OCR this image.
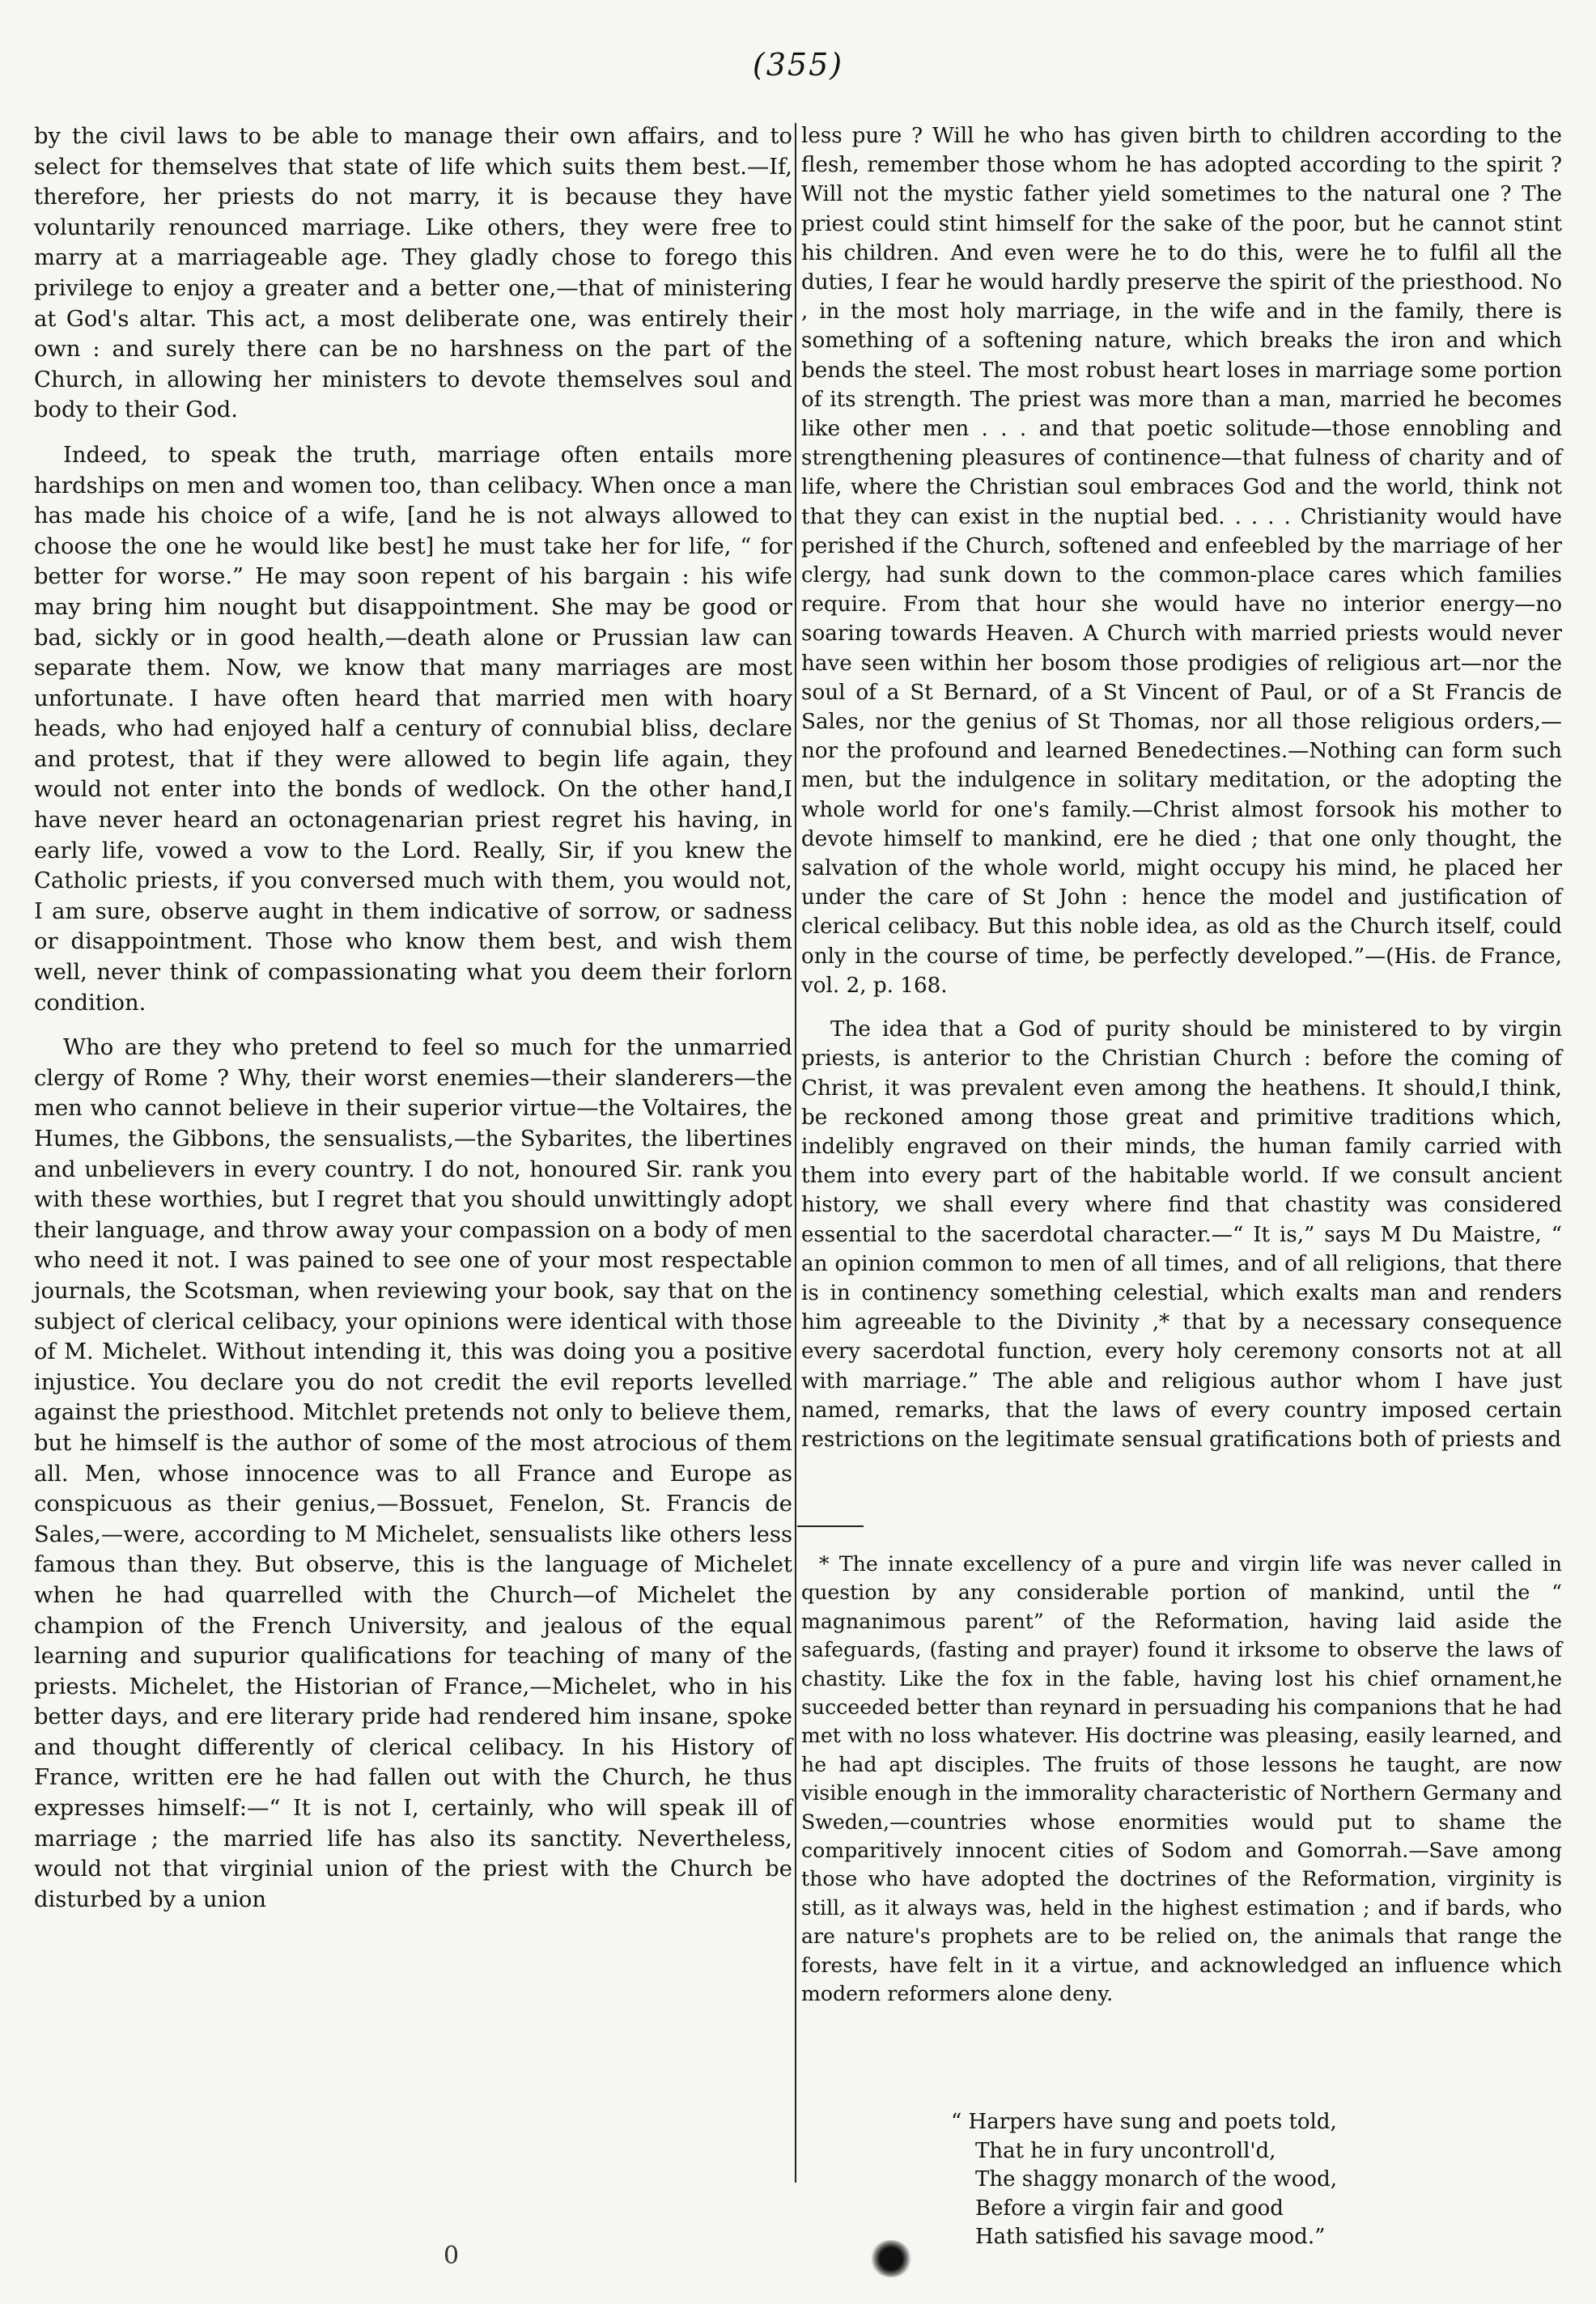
(355)

by the civil laws to be able to manage their own affairs, and to select for themselves that state of life which suits them best.—If, therefore, her priests do not marry, it is because they have voluntarily renounced marriage. Like others, they were free to marry at a marriageable age. They gladly chose to forego this privilege to enjoy a greater and a better one,—that of ministering at God's altar. This act, a most deliberate one, was entirely their own : and surely there can be no harshness on the part of the Church, in allowing her ministers to devote themselves soul and body to their God.

Indeed, to speak the truth, marriage often entails more hardships on men and women too, than celibacy. When once a man has made his choice of a wife, [and he is not always allowed to choose the one he would like best] he must take her for life, “ for better for worse.” He may soon repent of his bargain : his wife may bring him nought but disappointment. She may be good or bad, sickly or in good health,—death alone or Prussian law can separate them. Now, we know that many marriages are most unfortunate. I have often heard that married men with hoary heads, who had enjoyed half a century of connubial bliss, declare and protest, that if they were allowed to begin life again, they would not enter into the bonds of wedlock. On the other hand,I have never heard an octonagenarian priest regret his having, in early life, vowed a vow to the Lord. Really, Sir, if you knew the Catholic priests, if you conversed much with them, you would not, I am sure, observe aught in them indicative of sorrow, or sadness or disappointment. Those who know them best, and wish them well, never think of compassionating what you deem their forlorn condition.

Who are they who pretend to feel so much for the unmarried clergy of Rome ? Why, their worst enemies—their slanderers—the men who cannot believe in their superior virtue—the Voltaires, the Humes, the Gibbons, the sensualists,—the Sybarites, the libertines and unbelievers in every country. I do not, honoured Sir. rank you with these worthies, but I regret that you should unwittingly adopt their language, and throw away your compassion on a body of men who need it not. I was pained to see one of your most respectable journals, the Scotsman, when reviewing your book, say that on the subject of clerical celibacy, your opinions were identical with those of M. Michelet. Without intending it, this was doing you a positive injustice. You declare you do not credit the evil reports levelled against the priesthood. Mitchlet pretends not only to believe them, but he himself is the author of some of the most atrocious of them all. Men, whose innocence was to all France and Europe as conspicuous as their genius,—Bossuet, Fenelon, St. Francis de Sales,—were, according to M Michelet, sensualists like others less famous than they. But observe, this is the language of Michelet when he had quarrelled with the Church—of Michelet the champion of the French University, and jealous of the equal learning and supurior qualifications for teaching of many of the priests. Michelet, the Historian of France,—Michelet, who in his better days, and ere literary pride had rendered him insane, spoke and thought differently of clerical celibacy. In his History of France, written ere he had fallen out with the Church, he thus expresses himself:—“ It is not I, certainly, who will speak ill of marriage ; the married life has also its sanctity. Nevertheless, would not that virginial union of the priest with the Church be disturbed by a union

less pure ? Will he who has given birth to children according to the flesh, remember those whom he has adopted according to the spirit ? Will not the mystic father yield sometimes to the natural one ? The priest could stint himself for the sake of the poor, but he cannot stint his children. And even were he to do this, were he to fulfil all the duties, I fear he would hardly preserve the spirit of the priesthood. No , in the most holy marriage, in the wife and in the family, there is something of a softening nature, which breaks the iron and which bends the steel. The most robust heart loses in marriage some portion of its strength. The priest was more than a man, married he becomes like other men . . . and that poetic solitude—those ennobling and strengthening pleasures of continence—that fulness of charity and of life, where the Christian soul embraces God and the world, think not that they can exist in the nuptial bed. . . . . Christianity would have perished if the Church, softened and enfeebled by the marriage of her clergy, had sunk down to the common-place cares which families require. From that hour she would have no interior energy—no soaring towards Heaven. A Church with married priests would never have seen within her bosom those prodigies of religious art—nor the soul of a St Bernard, of a St Vincent of Paul, or of a St Francis de Sales, nor the genius of St Thomas, nor all those religious orders,—nor the profound and learned Benedectines.—Nothing can form such men, but the indulgence in solitary meditation, or the adopting the whole world for one's family.—Christ almost forsook his mother to devote himself to mankind, ere he died ; that one only thought, the salvation of the whole world, might occupy his mind, he placed her under the care of St John : hence the model and justification of clerical celibacy. But this noble idea, as old as the Church itself, could only in the course of time, be perfectly developed.”—(His. de France, vol. 2, p. 168.

The idea that a God of purity should be ministered to by virgin priests, is anterior to the Christian Church : before the coming of Christ, it was prevalent even among the heathens. It should,I think, be reckoned among those great and primitive traditions which, indelibly engraved on their minds, the human family carried with them into every part of the habitable world. If we consult ancient history, we shall every where find that chastity was considered essential to the sacerdotal character.—“ It is,” says M Du Maistre, “ an opinion common to men of all times, and of all religions, that there is in continency something celestial, which exalts man and renders him agreeable to the Divinity ,* that by a necessary consequence every sacerdotal function, every holy ceremony consorts not at all with marriage.” The able and religious author whom I have just named, remarks, that the laws of every country imposed certain restrictions on the legitimate sensual gratifications both of priests and

* The innate excellency of a pure and virgin life was never called in question by any considerable portion of mankind, until the “ magnanimous parent” of the Reformation, having laid aside the safeguards, (fasting and prayer) found it irksome to observe the laws of chastity. Like the fox in the fable, having lost his chief ornament,he succeeded better than reynard in persuading his companions that he had met with no loss whatever. His doctrine was pleasing, easily learned, and he had apt disciples. The fruits of those lessons he taught, are now visible enough in the immorality characteristic of Northern Germany and Sweden,—countries whose enormities would put to shame the comparitively innocent cities of Sodom and Gomorrah.—Save among those who have adopted the doctrines of the Reformation, virginity is still, as it always was, held in the highest estimation ; and if bards, who are nature's prophets are to be relied on, the animals that range the forests, have felt in it a virtue, and acknowledged an influence which modern reformers alone deny.

“ Harpers have sung and poets told,
That he in fury uncontroll'd,
The shaggy monarch of the wood,
Before a virgin fair and good
Hath satisfied his savage mood.”
0
